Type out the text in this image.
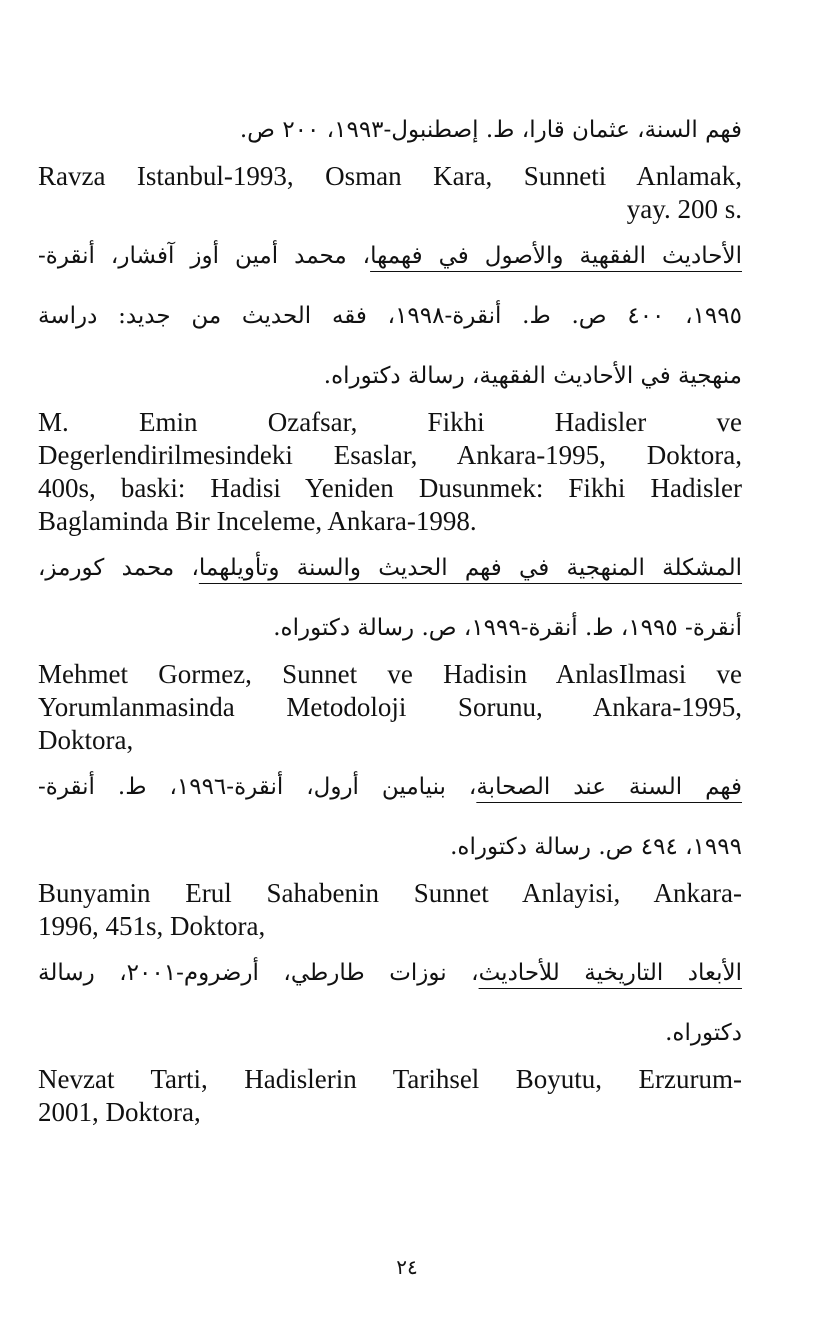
فهم السنة، عثمان قارا، ط. إصطنبول-١٩٩٣، ٢٠٠ ص.
Ravza Istanbul-1993, Osman Kara, Sunneti Anlamak,
yay. 200 s.
الأحاديث الفقهية والأصول في فهمها، محمد أمين أوز آفشار، أنقرة-
١٩٩٥، ٤٠٠ ص. ط. أنقرة-١٩٩٨، فقه الحديث من جديد: دراسة
منهجية في الأحاديث الفقهية، رسالة دكتوراه.
M. Emin Ozafsar, Fikhi Hadisler ve
Degerlendirilmesindeki Esaslar, Ankara-1995, Doktora,
400s, baski: Hadisi Yeniden Dusunmek: Fikhi Hadisler
Baglaminda Bir Inceleme, Ankara-1998.
المشكلة المنهجية في فهم الحديث والسنة وتأويلهما، محمد كورمز،
أنقرة- ١٩٩٥، ط. أنقرة-١٩٩٩، ص. رسالة دكتوراه.
Mehmet Gormez, Sunnet ve Hadisin AnlasIlmasi ve
Yorumlanmasinda Metodoloji Sorunu, Ankara-1995,
Doktora,
فهم السنة عند الصحابة، بنيامين أرول، أنقرة-١٩٩٦، ط. أنقرة-
١٩٩٩، ٤٩٤ ص. رسالة دكتوراه.
Bunyamin Erul Sahabenin Sunnet Anlayisi, Ankara-
1996, 451s, Doktora,
الأبعاد التاريخية للأحاديث، نوزات طارطي، أرضروم-٢٠٠١، رسالة
دكتوراه.
Nevzat Tarti, Hadislerin Tarihsel Boyutu, Erzurum-
2001, Doktora,
٢٤
